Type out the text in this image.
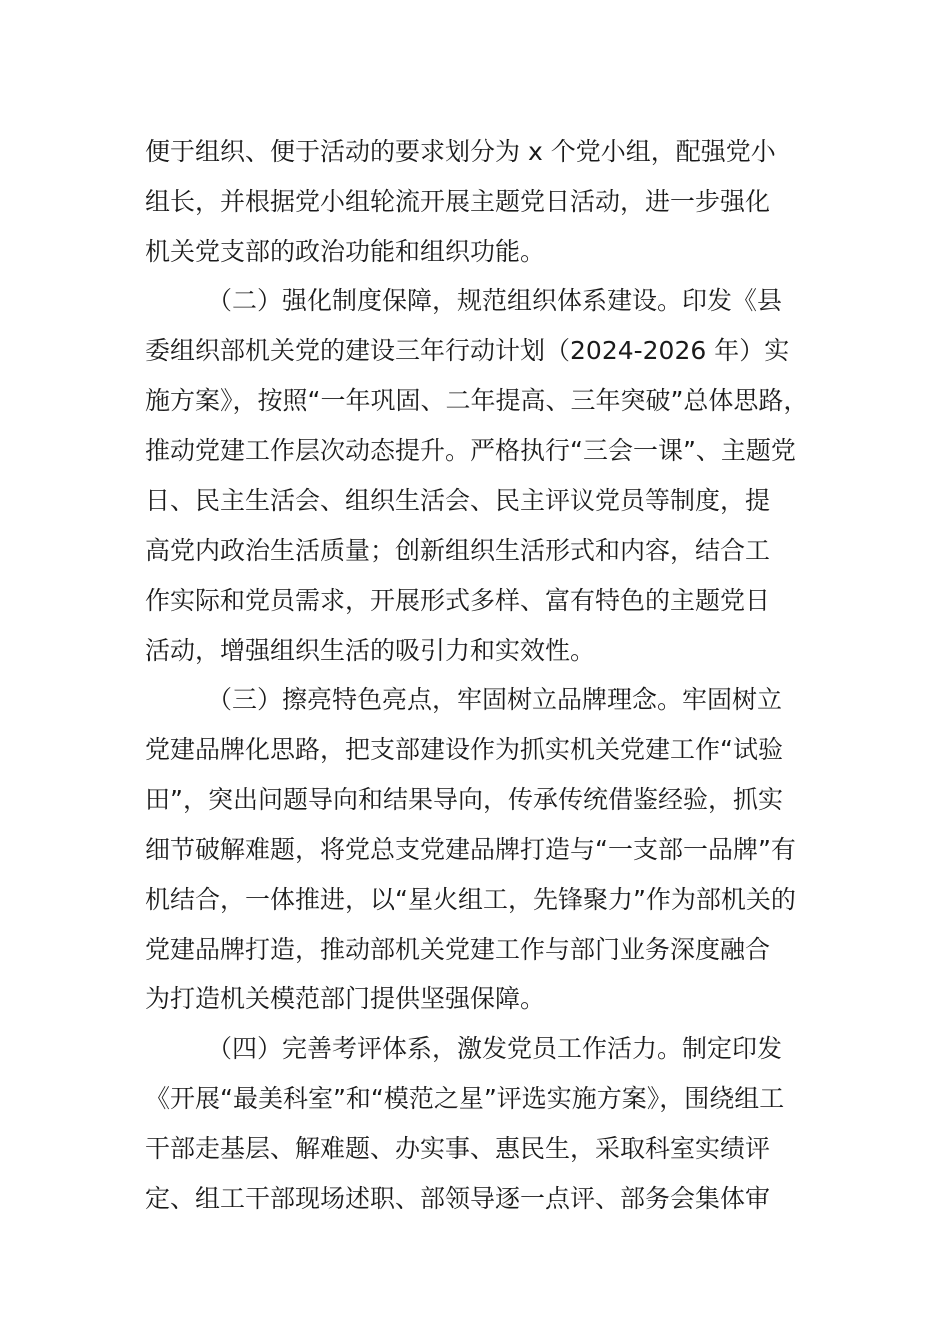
便于组织、便于活动的要求划分为 x 个党小组，配强党小
组长，并根据党小组轮流开展主题党日活动，进一步强化
机关党支部的政治功能和组织功能。
（二）强化制度保障，规范组织体系建设。印发《县
委组织部机关党的建设三年行动计划（2024-2026 年）实
施方案》，按照“一年巩固、二年提高、三年突破”总体思路，
推动党建工作层次动态提升。严格执行“三会一课”、主题党
日、民主生活会、组织生活会、民主评议党员等制度，提
高党内政治生活质量；创新组织生活形式和内容，结合工
作实际和党员需求，开展形式多样、富有特色的主题党日
活动，增强组织生活的吸引力和实效性。
（三）擦亮特色亮点，牢固树立品牌理念。牢固树立
党建品牌化思路，把支部建设作为抓实机关党建工作“试验
田”，突出问题导向和结果导向，传承传统借鉴经验，抓实
细节破解难题，将党总支党建品牌打造与“一支部一品牌”有
机结合，一体推进，以“星火组工，先锋聚力”作为部机关的
党建品牌打造，推动部机关党建工作与部门业务深度融合
为打造机关模范部门提供坚强保障。
（四）完善考评体系，激发党员工作活力。制定印发
《开展“最美科室”和“模范之星”评选实施方案》，围绕组工
干部走基层、解难题、办实事、惠民生，采取科室实绩评
定、组工干部现场述职、部领导逐一点评、部务会集体审
